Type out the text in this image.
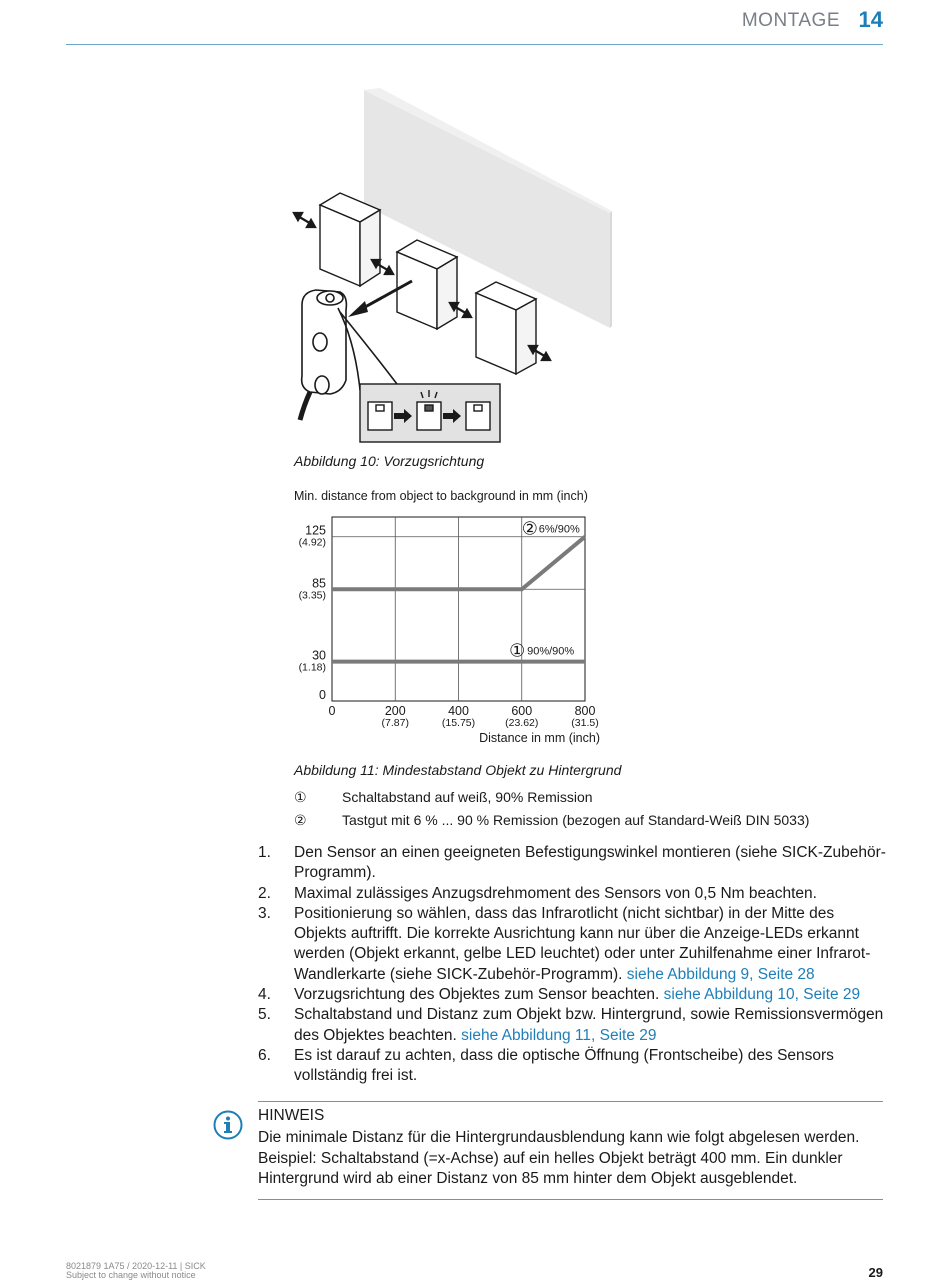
MONTAGE 14
Abbildung 10: Vorzugsrichtung
Min. distance from object to background in mm (inch)
0
30
(1.18)
85
(3.35)
125
(4.92)
0	200
(7.87)
400
(15.75)
600
(23.62)
800
(31.5)
Distance in mm (inch)
② 6%/90%
① 90%/90%
Abbildung 11: Mindestabstand Objekt zu Hintergrund
①	Schaltabstand auf weiß, 90% Remission
②	Tastgut mit 6 % ... 90 % Remission (bezogen auf Standard-Weiß DIN 5033)
1. Den Sensor an einen geeigneten Befestigungswinkel montieren (siehe SICK-Zubehör-Programm).
2. Maximal zulässiges Anzugsdrehmoment des Sensors von 0,5 Nm beachten.
3. Positionierung so wählen, dass das Infrarotlicht (nicht sichtbar) in der Mitte des Objekts auftrifft. Die korrekte Ausrichtung kann nur über die Anzeige-LEDs erkannt werden (Objekt erkannt, gelbe LED leuchtet) oder unter Zuhilfenahme einer Infrarot-Wandlerkarte (siehe SICK-Zubehör-Programm). siehe Abbildung 9, Seite 28
4. Vorzugsrichtung des Objektes zum Sensor beachten. siehe Abbildung 10, Seite 29
5. Schaltabstand und Distanz zum Objekt bzw. Hintergrund, sowie Remissionsvermögen des Objektes beachten. siehe Abbildung 11, Seite 29
6. Es ist darauf zu achten, dass die optische Öffnung (Frontscheibe) des Sensors vollständig frei ist.
HINWEIS
Die minimale Distanz für die Hintergrundausblendung kann wie folgt abgelesen werden. Beispiel: Schaltabstand (=x-Achse) auf ein helles Objekt beträgt 400 mm. Ein dunkler Hintergrund wird ab einer Distanz von 85 mm hinter dem Objekt ausgeblendet.
8021879 1A75 / 2020-12-11 | SICK
Subject to change without notice	29
